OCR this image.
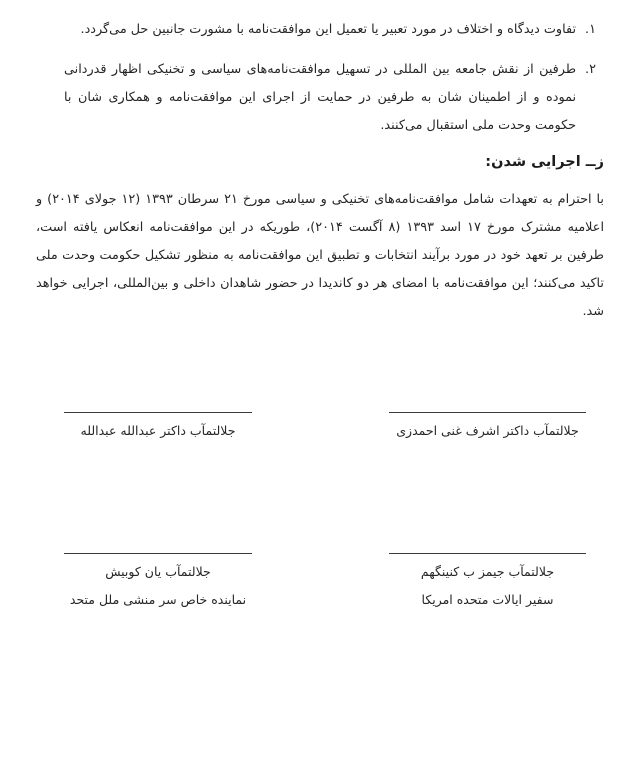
۱.
تفاوت دیدگاه و اختلاف در مورد تعبیر یا تعمیل این موافقت‌نامه با مشورت جانبین حل می‌گردد.
۲.
طرفین از نقش جامعه بین المللی در تسهیل موافقت‌نامه‌های سیاسی و تخنیکی اظهار قدردانی نموده و از اطمینان شان به طرفین در حمایت از اجرای این موافقت‌نامه و همکاری شان با حکومت وحدت ملی استقبال می‌کنند.
زــ اجرایی شدن:

با احترام به تعهدات شامل موافقت‌نامه‌های تخنیکی و سیاسی مورخ ۲۱ سرطان ۱۳۹۳ (۱۲ جولای ۲۰۱۴) و اعلامیه مشترک مورخ ۱۷ اسد ۱۳۹۳ (۸ آگست ۲۰۱۴)، طوریکه در این موافقت‌نامه انعکاس یافته است، طرفین بر تعهد خود در مورد برآیند انتخابات و تطبیق این موافقت‌نامه به منظور تشکیل حکومت وحدت ملی تاکید می‌کنند؛ این موافقت‌نامه با امضای هر دو کاندیدا در حضور شاهدان داخلی و بین‌المللی، اجرایی خواهد شد.

جلالتمآب داکتر اشرف غنی احمدزی
جلالتمآب داکتر عبدالله عبدالله
جلالتمآب جیمز ب کنینگهم
سفیر ایالات متحده امریکا
جلالتمآب یان کوبیش
نماینده خاص سر منشی ملل متحد
